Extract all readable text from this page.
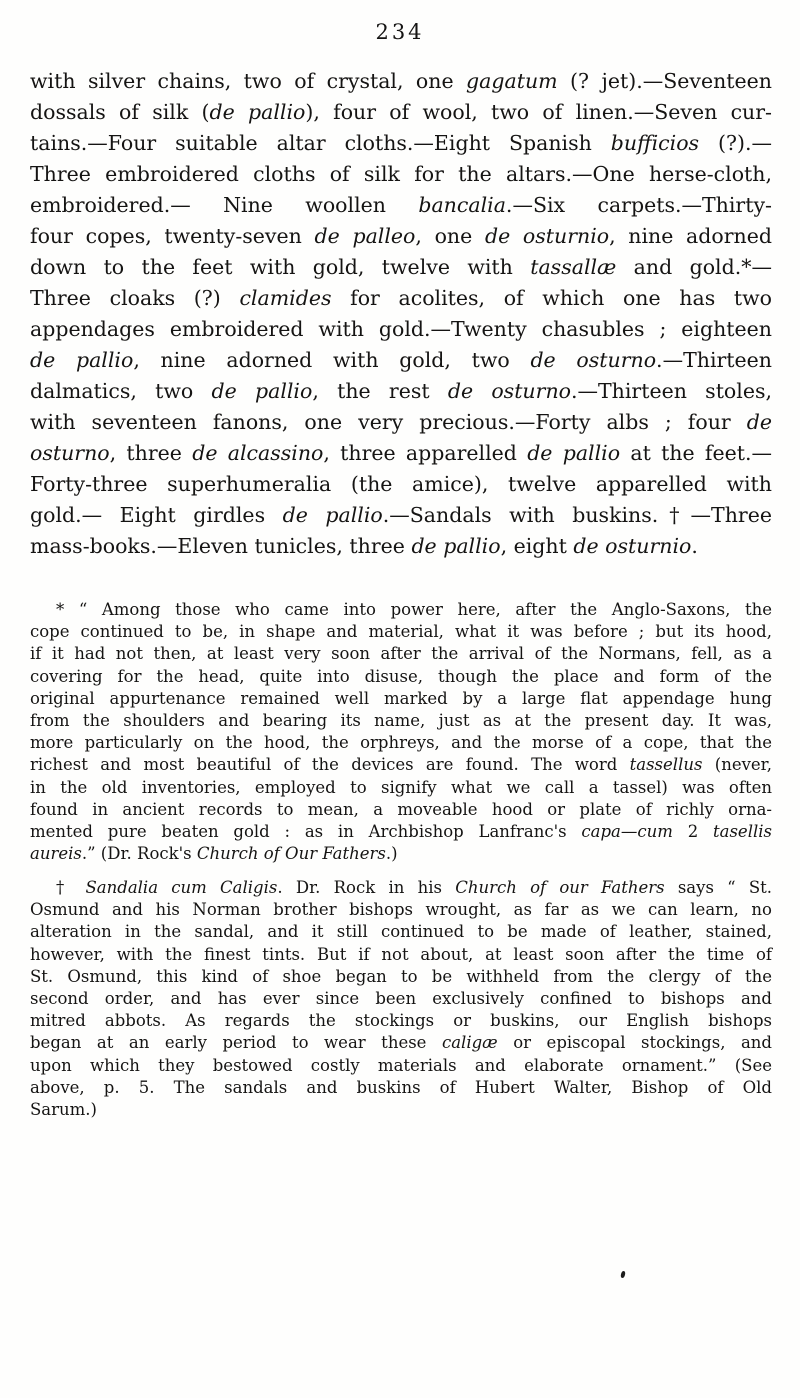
234
with silver chains, two of crystal, one gagatum (? jet).—Seventeen
dossals of silk (de pallio), four of wool, two of linen.—Seven cur-
tains.—Four suitable altar cloths.—Eight Spanish bufficios (?).—
Three embroidered cloths of silk for the altars.—One herse-cloth,
embroidered.— Nine woollen bancalia.—Six carpets.—Thirty-
four copes, twenty-seven de palleo, one de osturnio, nine adorned
down to the feet with gold, twelve with tassallæ and gold.*—
Three cloaks (?) clamides for acolites, of which one has two
appendages embroidered with gold.—Twenty chasubles ; eighteen
de pallio, nine adorned with gold, two de osturno.—Thirteen
dalmatics, two de pallio, the rest de osturno.—Thirteen stoles,
with seventeen fanons, one very precious.—Forty albs ; four de
osturno, three de alcassino, three apparelled de pallio at the feet.—
Forty-three superhumeralia (the amice), twelve apparelled with
gold.— Eight girdles de pallio.—Sandals with buskins.†—Three
mass-books.—Eleven tunicles, three de pallio, eight de osturnio.
* “ Among those who came into power here, after the Anglo-Saxons, the
cope continued to be, in shape and material, what it was before ; but its hood,
if it had not then, at least very soon after the arrival of the Normans, fell, as a
covering for the head, quite into disuse, though the place and form of the
original appurtenance remained well marked by a large flat appendage hung
from the shoulders and bearing its name, just as at the present day. It was,
more particularly on the hood, the orphreys, and the morse of a cope, that the
richest and most beautiful of the devices are found. The word tassellus (never,
in the old inventories, employed to signify what we call a tassel) was often
found in ancient records to mean, a moveable hood or plate of richly orna-
mented pure beaten gold : as in Archbishop Lanfranc's capa—cum 2 tasellis
aureis.” (Dr. Rock's Church of Our Fathers.)
† Sandalia cum Caligis. Dr. Rock in his Church of our Fathers says “ St.
Osmund and his Norman brother bishops wrought, as far as we can learn, no
alteration in the sandal, and it still continued to be made of leather, stained,
however, with the finest tints. But if not about, at least soon after the time of
St. Osmund, this kind of shoe began to be withheld from the clergy of the
second order, and has ever since been exclusively confined to bishops and
mitred abbots. As regards the stockings or buskins, our English bishops
began at an early period to wear these caligæ or episcopal stockings, and
upon which they bestowed costly materials and elaborate ornament.” (See
above, p. 5. The sandals and buskins of Hubert Walter, Bishop of Old
Sarum.)
